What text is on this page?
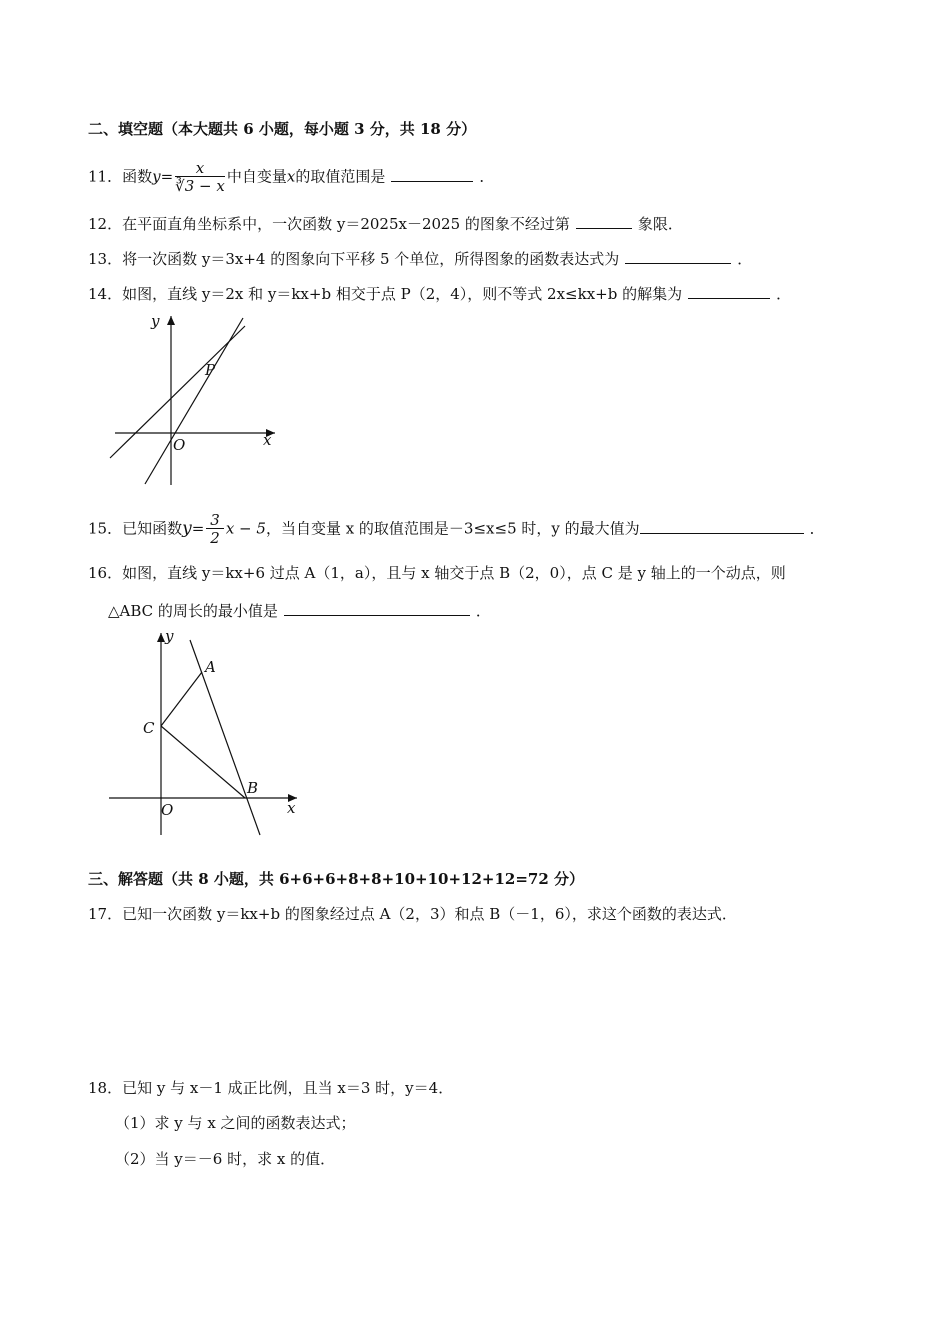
二、填空题（本大题共 6 小题，每小题 3 分，共 18 分）
11．函数$y= \frac{x}{∛3 - x}$ 中自变量x的取值范围是	．
12．在平面直角坐标系中，一次函数 y＝2025x－2025 的图象不经过第	象限．
13．将一次函数 y＝3x+4 的图象向下平移 5 个单位，所得图象的函数表达式为	．
14．如图，直线 y＝2x 和 y＝kx+b 相交于点 P（2，4），则不等式 2x≤kx+b 的解集为	．
y
x
O
P
15．已知函数$y= \frac{3}{2}$ x − 5，当自变量 x 的取值范围是－3≤x≤5 时，y 的最大值为	．
16．如图，直线 y＝kx+6 过点 A（1，a），且与 x 轴交于点 B（2，0），点 C 是 y 轴上的一个动点，则
△ABC 的周长的最小值是	．
y
x
O
A
B
C
三、解答题（共 8 小题，共 6+6+6+8+8+10+10+12+12=72 分）
17．已知一次函数 y＝kx+b 的图象经过点 A（2，3）和点 B（－1，6），求这个函数的表达式．
18．已知 y 与 x－1 成正比例，且当 x＝3 时，y＝4．
（1）求 y 与 x 之间的函数表达式；
（2）当 y＝－6 时，求 x 的值．
